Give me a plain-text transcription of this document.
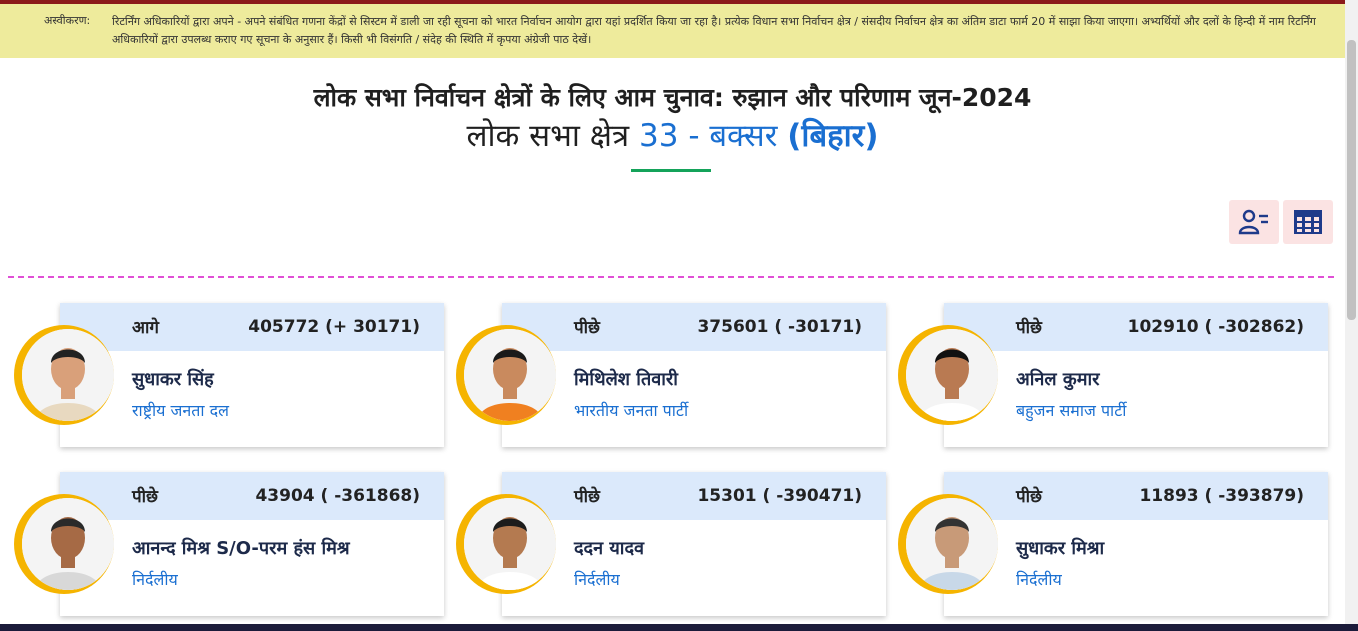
अस्वीकरण: रिटर्निंग अधिकारियों द्वारा अपने - अपने संबंधित गणना केंद्रों से सिस्टम में डाली जा रही सूचना को भारत निर्वाचन आयोग द्वारा यहां प्रदर्शित किया जा रहा है। प्रत्येक विधान सभा निर्वाचन क्षेत्र / संसदीय निर्वाचन क्षेत्र का अंतिम डाटा फार्म 20 में साझा किया जाएगा। अभ्यर्थियों और दलों के हिन्दी में नाम रिटर्निंग अधिकारियों द्वारा उपलब्ध कराए गए सूचना के अनुसार हैं। किसी भी विसंगति / संदेह की स्थिति में कृपया अंग्रेजी पाठ देखें।
लोक सभा निर्वाचन क्षेत्रों के लिए आम चुनाव: रुझान और परिणाम जून-2024
लोक सभा क्षेत्र 33 - बक्सर (बिहार)
आगे	405772 (+ 30171)
सुधाकर सिंह
राष्ट्रीय जनता दल
पीछे	375601 ( -30171)
मिथिलेश तिवारी
भारतीय जनता पार्टी
पीछे	102910 ( -302862)
अनिल कुमार
बहुजन समाज पार्टी
पीछे	43904 ( -361868)
आनन्द मिश्र S/O-परम हंस मिश्र
निर्दलीय
पीछे	15301 ( -390471)
ददन यादव
निर्दलीय
पीछे	11893 ( -393879)
सुधाकर मिश्रा
निर्दलीय
